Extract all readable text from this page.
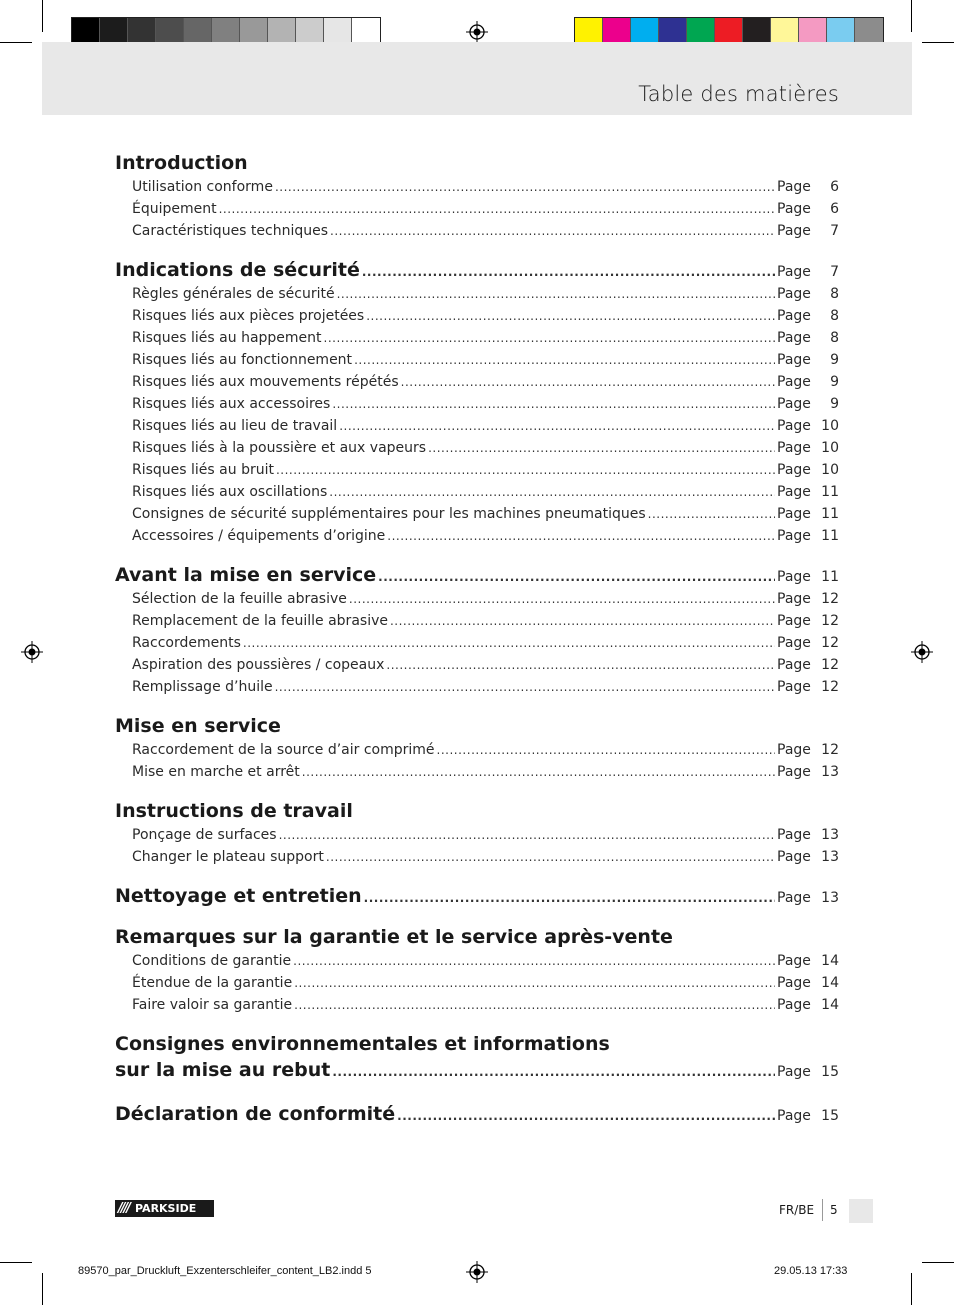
Table des matières
Introduction
Utilisation conforme .....	Page	6
Équipement .....	Page	6
Caractéristiques techniques .....	Page	7
Indications de sécurité .....	Page	7
Règles générales de sécurité .....	Page	8
Risques liés aux pièces projetées .....	Page	8
Risques liés au happement .....	Page	8
Risques liés au fonctionnement .....	Page	9
Risques liés aux mouvements répétés .....	Page	9
Risques liés aux accessoires .....	Page	9
Risques liés au lieu de travail .....	Page 10
Risques liés à la poussière et aux vapeurs .....	Page 10
Risques liés au bruit .....	Page 10
Risques liés aux oscillations .....	Page 11
Consignes de sécurité supplémentaires pour les machines pneumatiques .....	Page 11
Accessoires / équipements d’origine .....	Page 11
Avant la mise en service .....	Page 11
Sélection de la feuille abrasive .....	Page 12
Remplacement de la feuille abrasive .....	Page 12
Raccordements .....	Page 12
Aspiration des poussières / copeaux .....	Page 12
Remplissage d’huile .....	Page 12
Mise en service
Raccordement de la source d’air comprimé .....	Page 12
Mise en marche et arrêt .....	Page 13
Instructions de travail
Ponçage de surfaces .....	Page 13
Changer le plateau support .....	Page 13
Nettoyage et entretien .....	Page 13
Remarques sur la garantie et le service après-vente
Conditions de garantie .....	Page 14
Étendue de la garantie .....	Page 14
Faire valoir sa garantie .....	Page 14
Consignes environnementales et informations
sur la mise au rebut .....	Page 15
Déclaration de conformité .....	Page 15
//// PARKSIDE	FR/BE 5
89570_par_Druckluft_Exzenterschleifer_content_LB2.indd 5	29.05.13 17:33
